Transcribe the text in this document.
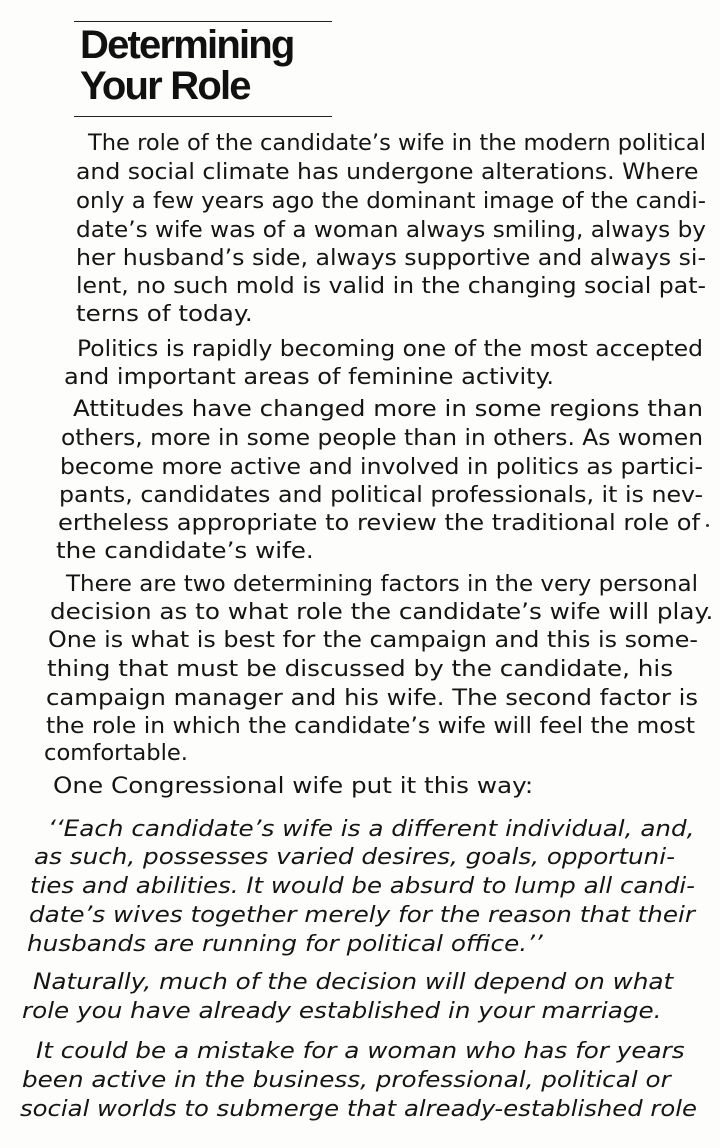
Determining
Your Role
The role of the candidate’s wife in the modern political
and social climate has undergone alterations. Where
only a few years ago the dominant image of the candi-
date’s wife was of a woman always smiling, always by
her husband’s side, always supportive and always si-
lent, no such mold is valid in the changing social pat-
terns of today.
Politics is rapidly becoming one of the most accepted
and important areas of feminine activity.
Attitudes have changed more in some regions than
others, more in some people than in others. As women
become more active and involved in politics as partici-
pants, candidates and political professionals, it is nev-
ertheless appropriate to review the traditional role of
the candidate’s wife.
There are two determining factors in the very personal
decision as to what role the candidate’s wife will play.
One is what is best for the campaign and this is some-
thing that must be discussed by the candidate, his
campaign manager and his wife. The second factor is
the role in which the candidate’s wife will feel the most
comfortable.
One Congressional wife put it this way:
‘‘Each candidate’s wife is a different individual, and,
as such, possesses varied desires, goals, opportuni-
ties and abilities. It would be absurd to lump all candi-
date’s wives together merely for the reason that their
husbands are running for political office.’’
Naturally, much of the decision will depend on what
role you have already established in your marriage.
It could be a mistake for a woman who has for years
been active in the business, professional, political or
social worlds to submerge that already-established role
